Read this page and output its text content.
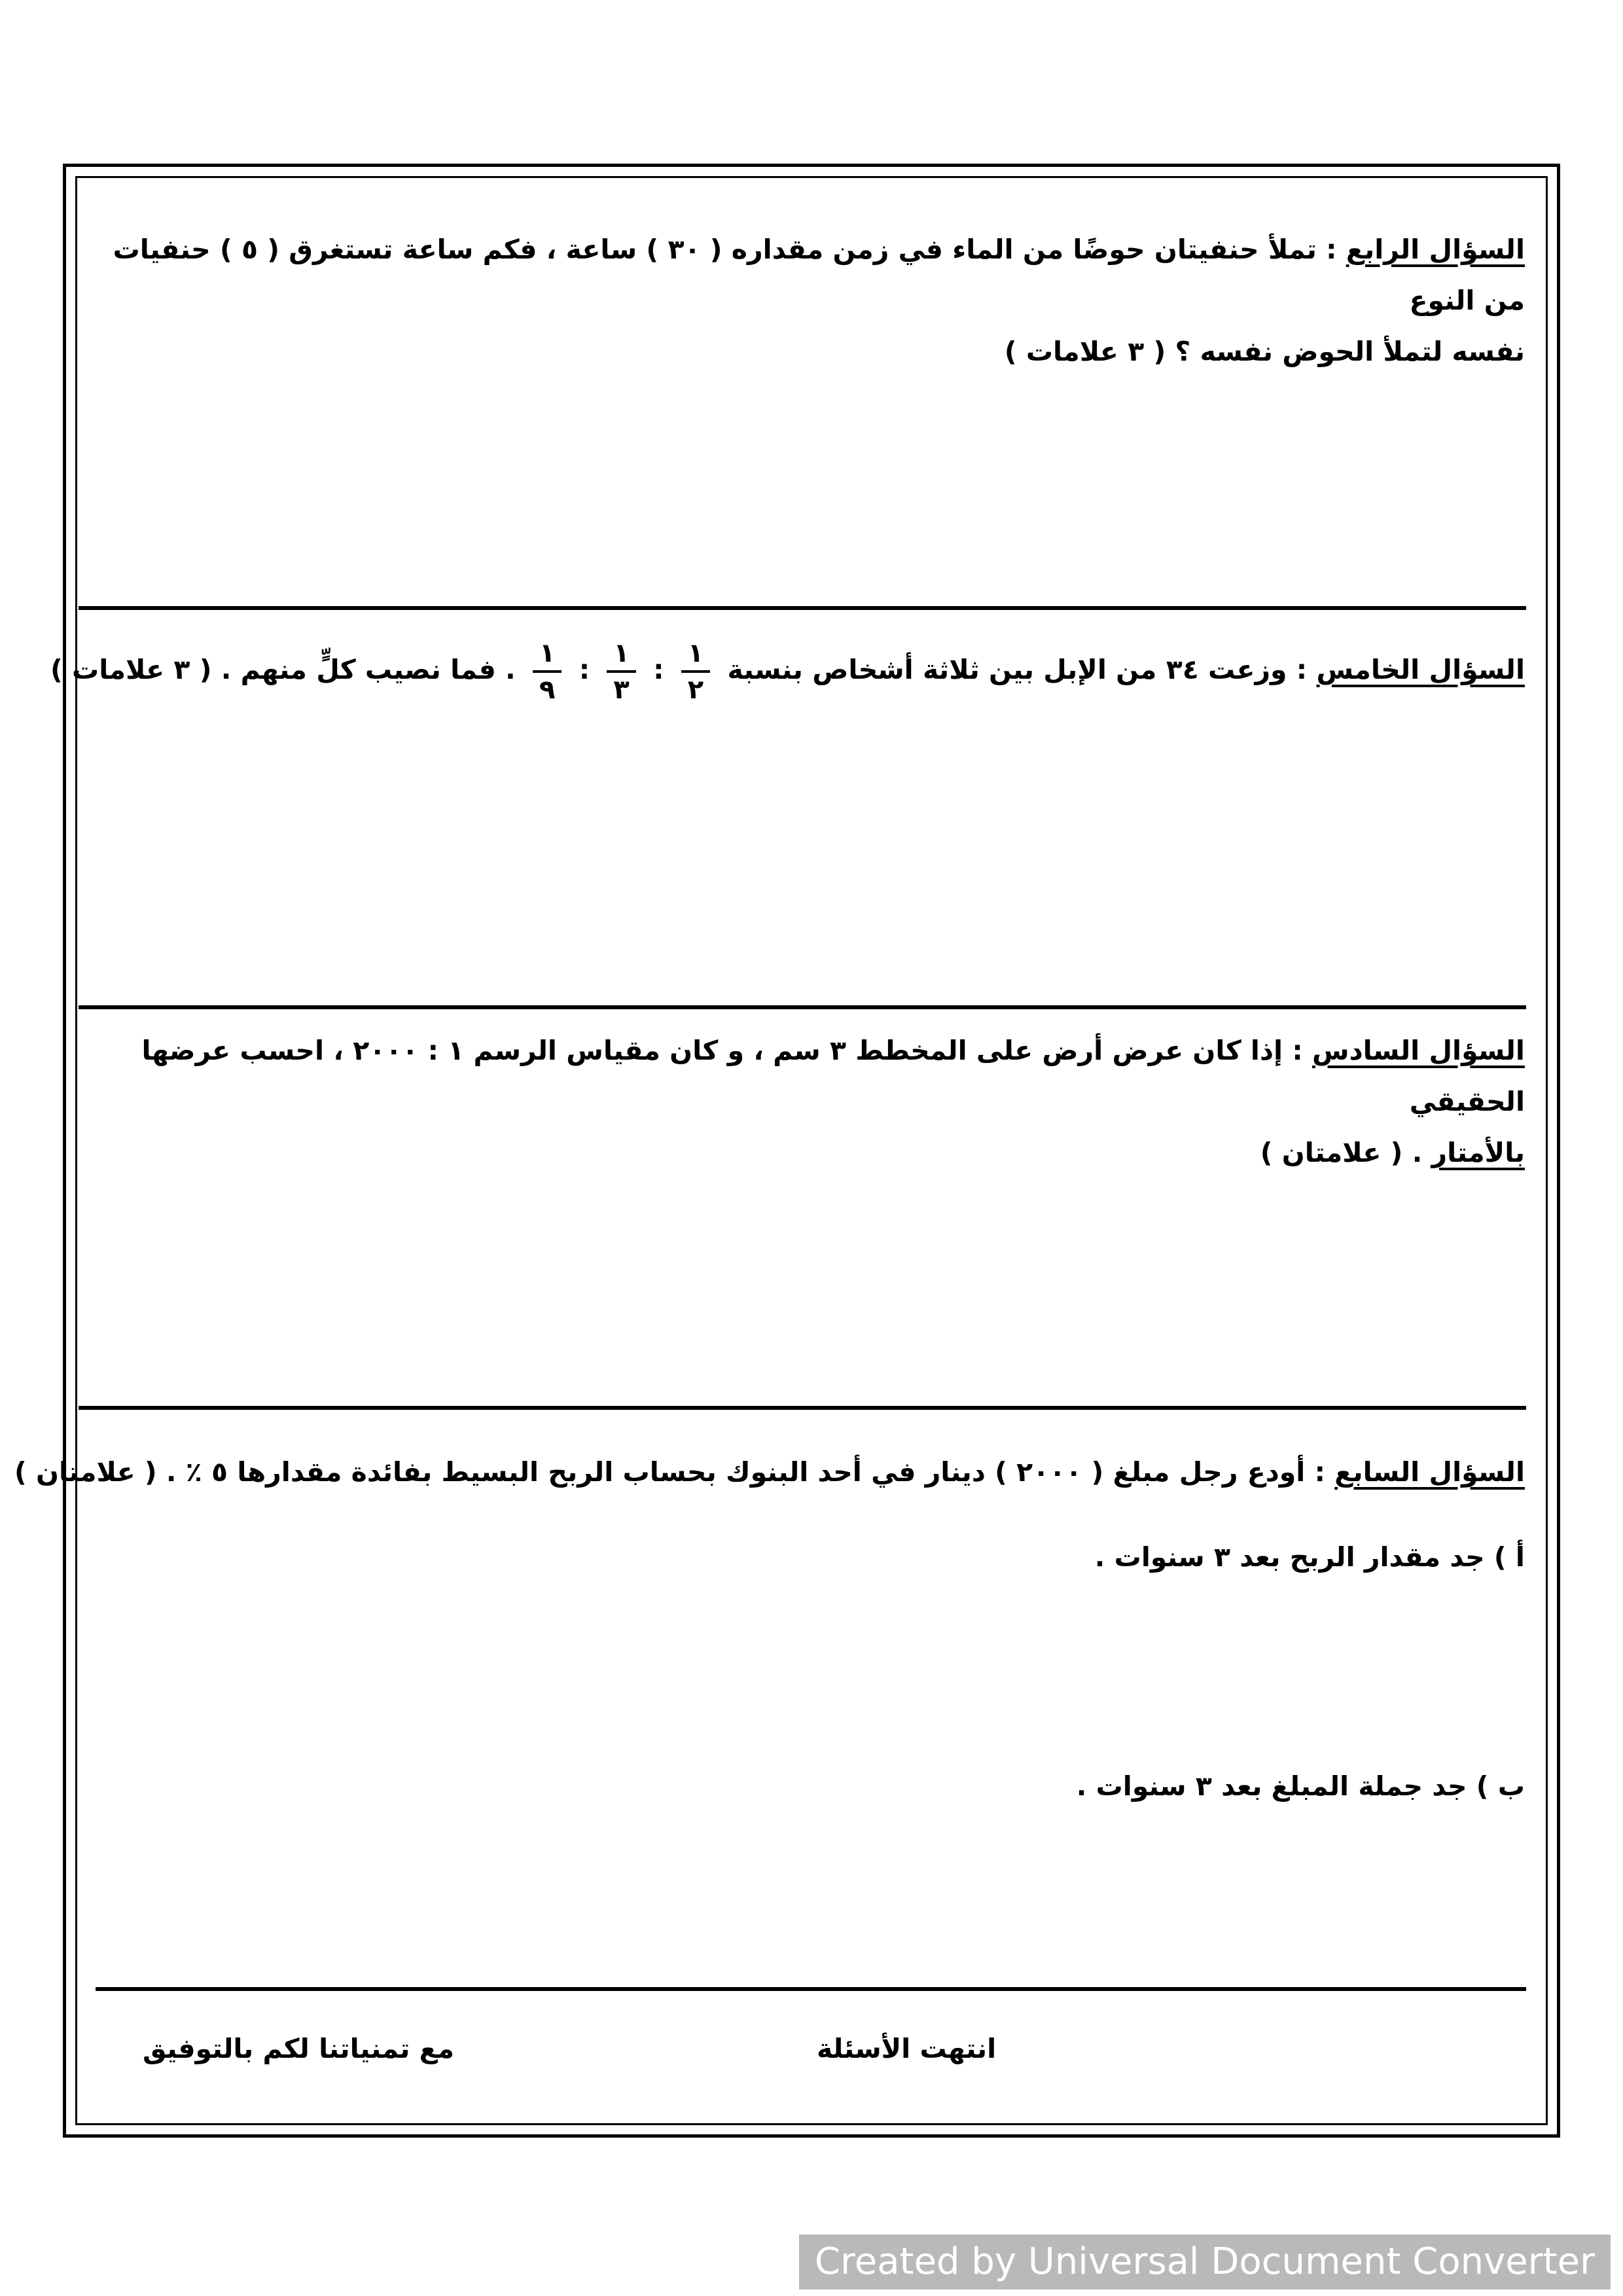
السؤال الرابع : تملأ حنفيتان حوضًا من الماء في زمن مقداره ( ٣٠ ) ساعة ، فكم ساعة تستغرق ( ٥ ) حنفيات من النوع
نفسه لتملأ الحوض نفسه ؟ ( ٣ علامات )
السؤال الخامس : وزعت ٣٤ من الإبل بين ثلاثة أشخاص بنسبة
$\frac{١}{٢}$
:
$\frac{١}{٣}$
:
$\frac{١}{٩}$
. فما نصيب كلٍّ منهم . ( ٣ علامات )
السؤال السادس : إذا كان عرض أرض على المخطط ٣ سم ، و كان مقياس الرسم ١ : ٢٠٠٠ ، احسب عرضها الحقيقي
بالأمتار . ( علامتان )
السؤال السابع : أودع رجل مبلغ ( ٢٠٠٠ ) دينار في أحد البنوك بحساب الربح البسيط بفائدة مقدارها ٥ ٪ . ( علامتان )
أ ) جد مقدار الربح بعد ٣ سنوات .
ب ) جد جملة المبلغ بعد ٣ سنوات .
انتهت الأسئلة
مع تمنياتنا لكم بالتوفيق
Created by Universal Document Converter
